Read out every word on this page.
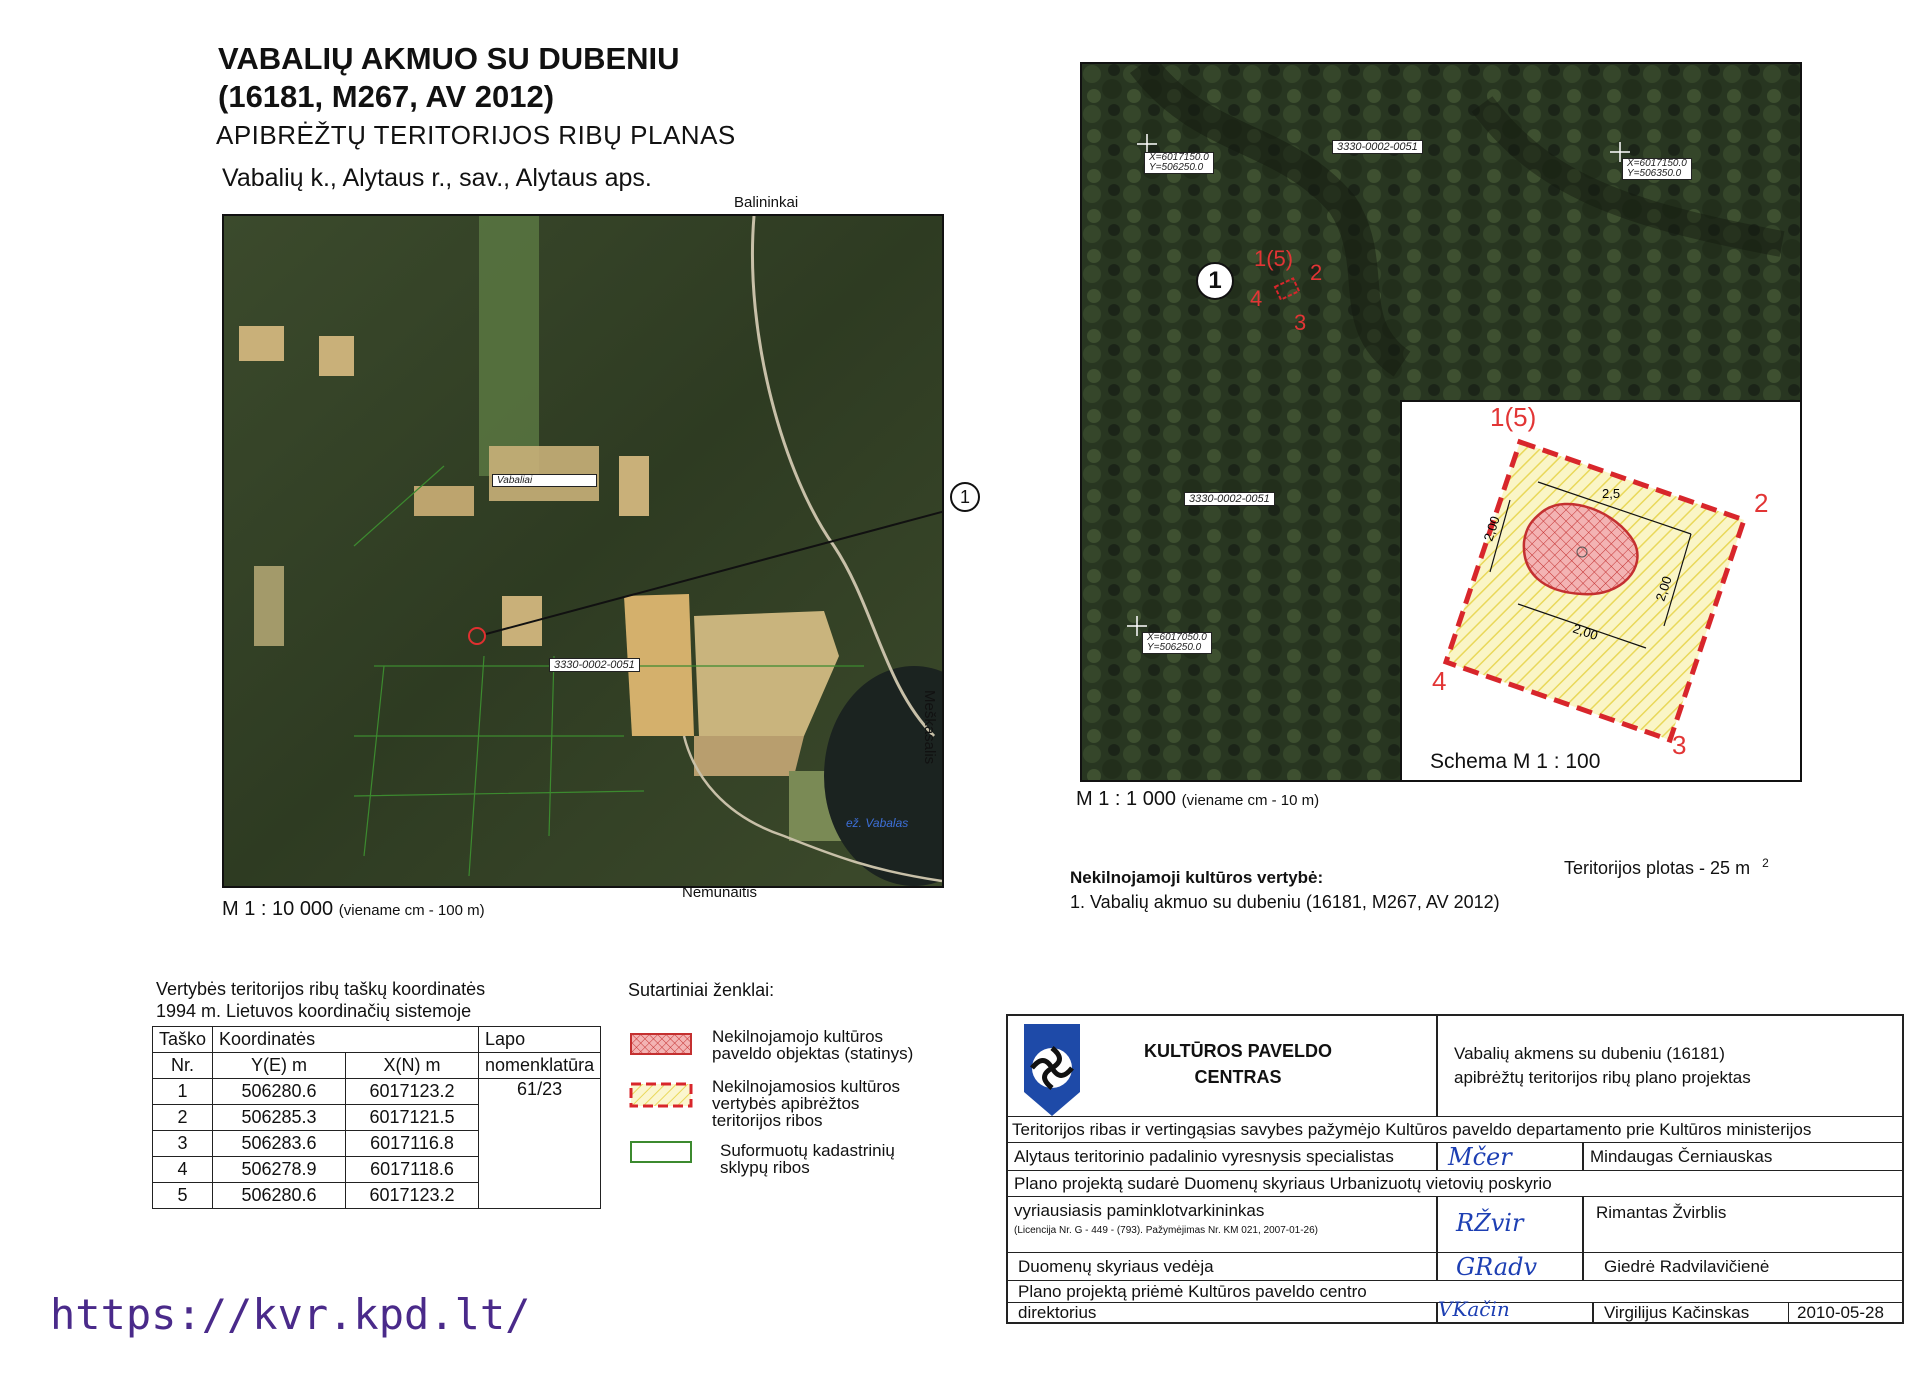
VABALIŲ AKMUO SU DUBENIU
(16181, M267, AV 2012)
APIBRĖŽTŲ TERITORIJOS RIBŲ PLANAS
Vabalių k., Alytaus r., sav., Alytaus aps.
Balininkai
Vabaliai
3330-0002-0051
ež. Vabalas
1
Meškasalis
Nemunaitis
M 1 : 10 000 (viename cm - 100 m)
X=6017150.0
Y=506250.0
3330-0002-0051
X=6017150.0
Y=506350.0
3330-0002-0051
X=6017050.0
Y=506250.0
1
1(5)
2
3
4
2,5
2,00
2,00
2,00
1(5)
2
3
4
Schema M 1 : 100
M 1 : 1 000 (viename cm - 10 m)
Teritorijos plotas - 25 m $^2$
Nekilnojamoji kultūros vertybė:
1. Vabalių akmuo su dubeniu (16181, M267, AV 2012)
Vertybės teritorijos ribų taškų koordinatės
1994 m. Lietuvos koordinačių sistemoje
Taško	Koordinatės		Lapo
Nr.	Y(E) m	X(N) m	nomenklatūra
1	506280.6	6017123.2	61/23
2	506285.3	6017121.5	
3	506283.6	6017116.8	
4	506278.9	6017118.6	
5	506280.6	6017123.2	
Sutartiniai ženklai:
Nekilnojamojo kultūros
paveldo objektas (statinys)
Nekilnojamosios kultūros
vertybės apibrėžtos
teritorijos ribos
Suformuotų kadastrinių
sklypų ribos
KULTŪROS PAVELDO
CENTRAS
Vabalių akmens su dubeniu (16181)
apibrėžtų teritorijos ribų plano projektas
Teritorijos ribas ir vertingąsias savybes pažymėjo Kultūros paveldo departamento prie Kultūros ministerijos
Alytaus teritorinio padalinio vyresnysis specialistas Mčer	Mindaugas Černiauskas
Plano projektą sudarė Duomenų skyriaus Urbanizuotų vietovių poskyrio
vyriausiasis paminklotvarkininkas
(Licencija Nr. G - 449 - (793). Pažymėjimas Nr. KM 021, 2007-01-26)	RŽvir	Rimantas Žvirblis
Duomenų skyriaus vedėja	GRadv	Giedrė Radvilavičienė
Plano projektą priėmė Kultūros paveldo centro
direktorius	VKačin	Virgilijus Kačinskas	2010-05-28
https://kvr.kpd.lt/
